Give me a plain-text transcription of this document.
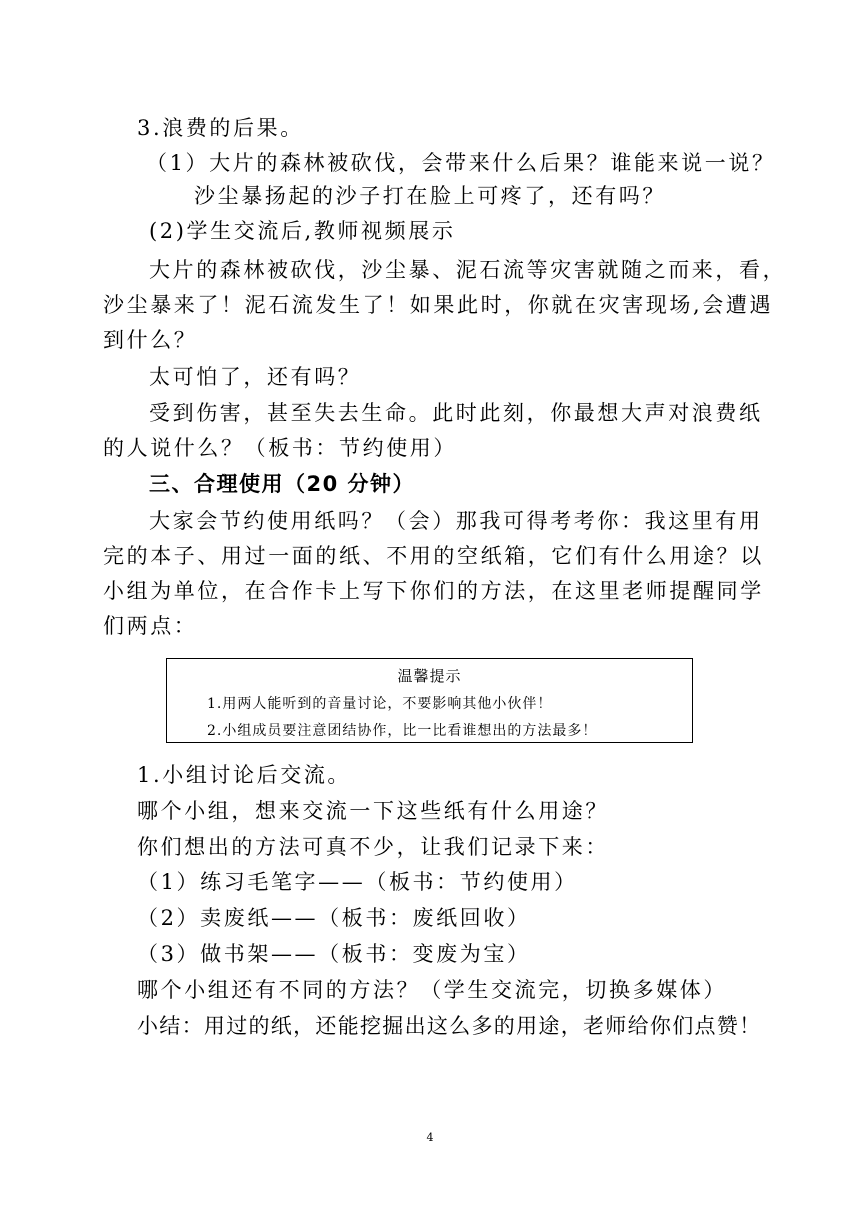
3.浪费的后果。
（1）大片的森林被砍伐，会带来什么后果？谁能来说一说？
沙尘暴扬起的沙子打在脸上可疼了，还有吗？
(2)学生交流后,教师视频展示
大片的森林被砍伐，沙尘暴、泥石流等灾害就随之而来，看，
沙尘暴来了！泥石流发生了！如果此时，你就在灾害现场,会遭遇
到什么？
太可怕了，还有吗？
受到伤害，甚至失去生命。此时此刻，你最想大声对浪费纸
的人说什么？（板书：节约使用）
三、合理使用（20 分钟）
大家会节约使用纸吗？（会）那我可得考考你：我这里有用
完的本子、用过一面的纸、不用的空纸箱，它们有什么用途？以
小组为单位，在合作卡上写下你们的方法，在这里老师提醒同学
们两点：
温馨提示
1.用两人能听到的音量讨论，不要影响其他小伙伴！
2.小组成员要注意团结协作，比一比看谁想出的方法最多！
1.小组讨论后交流。
哪个小组，想来交流一下这些纸有什么用途？
你们想出的方法可真不少，让我们记录下来：
（1）练习毛笔字——（板书：节约使用）
（2）卖废纸——（板书：废纸回收）
（3）做书架——（板书：变废为宝）
哪个小组还有不同的方法？（学生交流完，切换多媒体）
小结：用过的纸，还能挖掘出这么多的用途，老师给你们点赞！
4
